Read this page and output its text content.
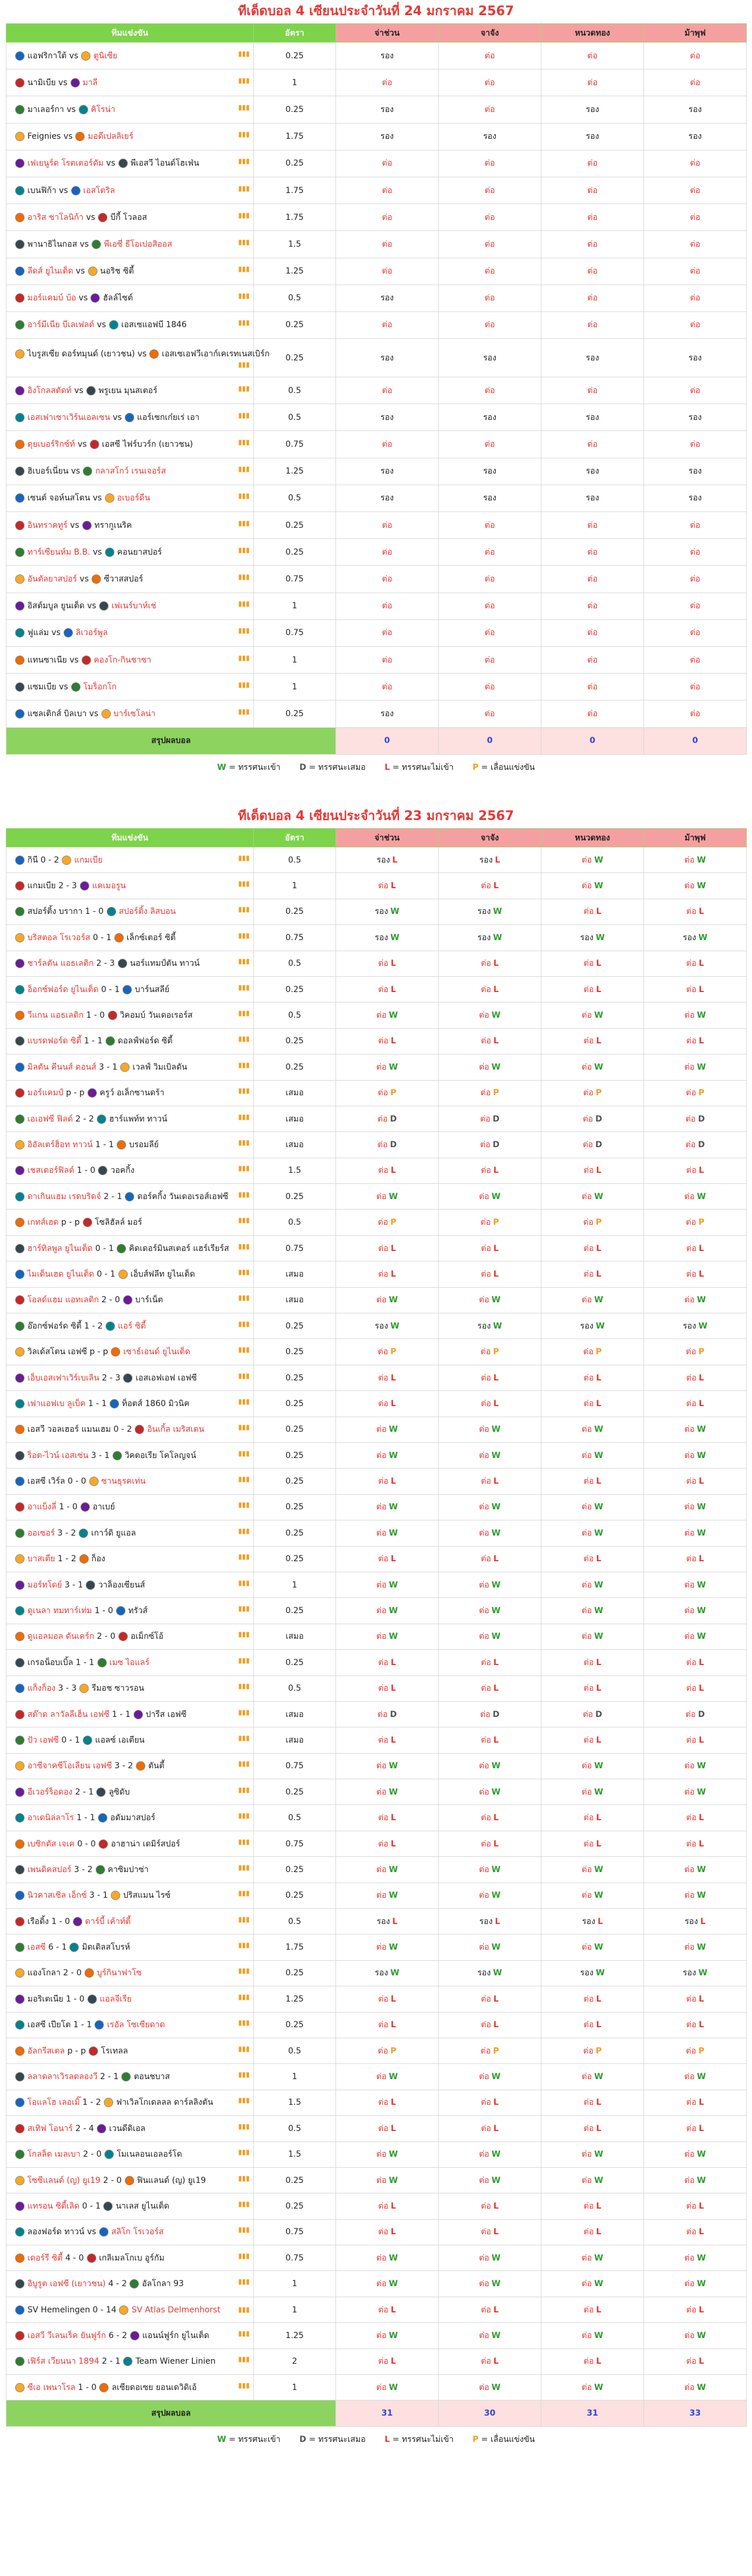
ทีเด็ดบอล 4 เซียนประจำวันที่ 24 มกราคม 2567
ทีมแข่งขัน	อัตรา	จ่าช่วน	จาจัง	หนวดทอง	ม้าพุฟ
แอฟริกาใต้ vs ตูนิเซีย ▮▮▮	0.25	รอง	ต่อ	ต่อ	ต่อ
นามิเบีย vs มาลี ▮▮▮	1	ต่อ	ต่อ	ต่อ	ต่อ
มาเลอร์กา vs คิโรน่า ▮▮▮	0.25	รอง	ต่อ	รอง	รอง
Feignies vs มอดีเปลลิเยร์ ▮▮▮	1.75	รอง	รอง	รอง	รอง
เฟเยนูร์ด โรตเตอร์ดัม vs พีเอสวี ไอนด์โฮเฟ่น ▮▮▮	0.25	ต่อ	ต่อ	ต่อ	ต่อ
เบนฟิก้า vs เอสโตริล ▮▮▮	1.75	ต่อ	ต่อ	ต่อ	ต่อ
อาริส ซาโลนิก้า vs บีกี้ โวลอส ▮▮▮	1.75	ต่อ	ต่อ	ต่อ	ต่อ
พานาธิไนกอส vs พีเอซี่ ธีโอเปอสิออส ▮▮▮	1.5	ต่อ	ต่อ	ต่อ	ต่อ
ลีดส์ ยูไนเต็ด vs นอริช ซิตี้ ▮▮▮	1.25	ต่อ	ต่อ	ต่อ	ต่อ
มอร์แคมบ์ บ้อ vs ฮัลล์ไซต์ ▮▮▮	0.5	รอง	ต่อ	ต่อ	ต่อ
อาร์มีเนีย บีเลเฟลด์ vs เอสเซแอฟบี 1846 ▮▮▮	0.25	ต่อ	ต่อ	ต่อ	ต่อ
ไบรูสเซีย ดอร์ทมุนด์ (เยาวชน) vs เอสเซเอฟวีเอาก์เคเรทเนสเบิร์ก
▮▮▮	0.25	รอง	รอง	รอง	รอง
อิงโกลสตัดท์ vs พรูเยน มุนสเตอร์ ▮▮▮	0.5	ต่อ	ต่อ	ต่อ	ต่อ
เอสเฟาเซาเวิร์นเอลเซน vs แอร์เซกเก๋ยเร่ เอา ▮▮▮	0.5	รอง	รอง	รอง	รอง
ดุยเบอร์ริกซ์ท์ vs เอสซี ไฟร์บวร์ก (เยาวชน) ▮▮▮	0.75	ต่อ	ต่อ	ต่อ	ต่อ
ฮิเบอร์เนี่ยน vs กลาสโกว์ เรนเจอร์ส ▮▮▮	1.25	รอง	รอง	รอง	รอง
เซนต์ จอห์นสโตน vs อเบอร์ดีน ▮▮▮	0.5	รอง	รอง	รอง	รอง
อินทราคทูร์ vs ทรากูเนริค ▮▮▮	0.25	ต่อ	ต่อ	ต่อ	ต่อ
ทาร์เซียนห์ม B.B. vs คอนยาสปอร์ ▮▮▮	0.25	ต่อ	ต่อ	ต่อ	ต่อ
อันตัลยาสปอร์ vs ซีวาสสปอร์ ▮▮▮	0.75	ต่อ	ต่อ	ต่อ	ต่อ
อิสต์มบูล ยูนเต็ด vs เฟเนร์บาห์เช่ ▮▮▮	1	ต่อ	ต่อ	ต่อ	ต่อ
ฟูแล่ม vs ลิเวอร์พูล ▮▮▮	0.75	ต่อ	ต่อ	ต่อ	ต่อ
แทนซาเนีย vs คองโก-กินชาซา ▮▮▮	1	ต่อ	ต่อ	ต่อ	ต่อ
แซมเบีย vs โมร็อกโก ▮▮▮	1	ต่อ	ต่อ	ต่อ	ต่อ
แซลเติกส์ บิลเบา vs บาร์เซโลน่า ▮▮▮	0.25	รอง	ต่อ	ต่อ	ต่อ
สรุปผลบอล		0	0	0	0
W = ทรรศนะเข้า D = ทรรศนะเสมอ L = ทรรศนะไม่เข้า P = เลื่อนแข่งขัน
ทีเด็ดบอล 4 เซียนประจำวันที่ 23 มกราคม 2567
ทีมแข่งขัน	อัตรา	จ่าช่วน	จาจัง	หนวดทอง	ม้าพุฟ
กินี 0 - 2 แกมเบีย ▮▮▮	0.5	รอง L	รอง L	ต่อ W	ต่อ W
แกมเบีย 2 - 3 แคเมอรูน ▮▮▮	1	ต่อ L	ต่อ L	ต่อ W	ต่อ W
สปอร์ติ้ง บรากา 1 - 0 สปอร์ติ้ง ลิสบอน ▮▮▮	0.25	รอง W	รอง W	ต่อ L	ต่อ L
บริสตอล โรเวอร์ส 0 - 1 เล็กซ์เตอร์ ซิตี้ ▮▮▮	0.75	รอง W	รอง W	รอง W	รอง W
ชาร์ลตัน แอธเลติก 2 - 3 นอร์แทมป์ตัน ทาวน์ ▮▮▮	0.5	ต่อ L	ต่อ L	ต่อ L	ต่อ L
อ็อกซ์ฟอร์ด ยูไนเต็ด 0 - 1 บาร์นสลีย์ ▮▮▮	0.25	ต่อ L	ต่อ L	ต่อ L	ต่อ L
วีแกน แอธเลติก 1 - 0 วิคอมบ์ วันเดอเรอร์ส ▮▮▮	0.5	ต่อ W	ต่อ W	ต่อ W	ต่อ W
แบรดฟอร์ด ซิตี้ 1 - 1 ดอลฟ์ฟอร์ด ซิตี้ ▮▮▮	0.25	ต่อ L	ต่อ L	ต่อ L	ต่อ L
มิลตัน คีนนส์ ดอนส์ 3 - 1 เวลฟ์ วิมเบิลดัน ▮▮▮	0.25	ต่อ W	ต่อ W	ต่อ W	ต่อ W
มอร์แคมป์ p - p ครูว์ อเล็กซานดร้า ▮▮▮	เสมอ	ต่อ P	ต่อ P	ต่อ P	ต่อ P
เอเอฟซี ฟิลด์ 2 - 2 ฮาร์แพท์ท ทาวน์ ▮▮▮	เสมอ	ต่อ D	ต่อ D	ต่อ D	ต่อ D
อิอัลเตร์ฮ็อท ทาวน์ 1 - 1 บรอมลีย์ ▮▮▮	เสมอ	ต่อ D	ต่อ D	ต่อ D	ต่อ D
เชสเตอร์ฟิลด์ 1 - 0 วอคกิ้ง ▮▮▮	1.5	ต่อ L	ต่อ L	ต่อ L	ต่อ L
ดาเกินแฮม เรดบริดจ์ 2 - 1 ดอร์คกิ้ง วันเดอเรอส์เอฟซี ▮▮▮	0.25	ต่อ W	ต่อ W	ต่อ W	ต่อ W
เกทส์เฮด p - p โซลิฮัลล์ มอร์ ▮▮▮	0.5	ต่อ P	ต่อ P	ต่อ P	ต่อ P
ฮาร์ทิลพูล ยูไนเต็ด 0 - 1 คิดเดอร์มินสเตอร์ แฮร์เรียร์ส ▮▮▮	0.75	ต่อ L	ต่อ L	ต่อ L	ต่อ L
ไมเด็นเฮด ยูไนเต็ด 0 - 1 เอ็บส์ฟลีท ยูไนเต็ด ▮▮▮	เสมอ	ต่อ L	ต่อ L	ต่อ L	ต่อ L
โอลด์แฮม แอทเลติก 2 - 0 บาร์เน็ต ▮▮▮	เสมอ	ต่อ W	ต่อ W	ต่อ W	ต่อ W
อ๊อกซ์ฟอร์ด ซิตี้ 1 - 2 แอร์ ซิตี้ ▮▮▮	0.25	รอง W	รอง W	รอง W	รอง W
วิลเด้สโตน เอฟซี p - p เซาธ์เอนด์ ยูไนเต็ด ▮▮▮	0.25	ต่อ P	ต่อ P	ต่อ P	ต่อ P
เอ็บเอสเฟาเวิร์เบเลิน 2 - 3 เอสเอฟเอฟ เอฟซี ▮▮▮	0.25	ต่อ L	ต่อ L	ต่อ L	ต่อ L
เฟาแอฟเบ ลูเบ็ค 1 - 1 ท็อตส์ 1860 มิวนิค ▮▮▮	0.25	ต่อ L	ต่อ L	ต่อ L	ต่อ L
เอสวี วอลเฮอร์ แมนเฮม 0 - 2 อินเกิ้ล เมริสเตน ▮▮▮	0.25	ต่อ W	ต่อ W	ต่อ W	ต่อ W
ร็อต-ไวน์ เอสเซ่น 3 - 1 วิคตอเรีย โคโลญจน์ ▮▮▮	0.25	ต่อ W	ต่อ W	ต่อ W	ต่อ W
เอสซี เวิร์ล 0 - 0 ซานธุรคเท่น ▮▮▮	0.25	ต่อ L	ต่อ L	ต่อ L	ต่อ L
อาแบ็งลี่ 1 - 0 อาเบย์ ▮▮▮	0.25	ต่อ W	ต่อ W	ต่อ W	ต่อ W
ออเซอร์ 3 - 2 เกาว์ดิ ยูแอล ▮▮▮	0.25	ต่อ W	ต่อ W	ต่อ W	ต่อ W
บาสเตีย 1 - 2 ก็อง ▮▮▮	0.25	ต่อ L	ต่อ L	ต่อ L	ต่อ L
มอร์ทโดย์ 3 - 1 วาล็องเซียนส์ ▮▮▮	1	ต่อ W	ต่อ W	ต่อ W	ต่อ W
ดูเนลา ทมทาร์เท่ม 1 - 0 ทรัวส์ ▮▮▮	0.25	ต่อ W	ต่อ W	ต่อ W	ต่อ W
ดูแอลมอล ดันเคร์ก 2 - 0 อเม็กซ์โอ้ ▮▮▮	เสมอ	ต่อ W	ต่อ W	ต่อ W	ต่อ W
เกรอน็อบเบิ้ล 1 - 1 เมซ ไอแลร์ ▮▮▮	0.25	ต่อ L	ต่อ L	ต่อ L	ต่อ L
แก็งก็อง 3 - 3 รีมอช ซาวรอน ▮▮▮	0.5	ต่อ L	ต่อ L	ต่อ L	ต่อ L
สต๊าด ลาวัลลีเฮ็น เอฟซี 1 - 1 ปารีส เอฟซี ▮▮▮	เสมอ	ต่อ D	ต่อ D	ต่อ D	ต่อ D
ปัว เอฟซี 0 - 1 แอลซ์ เอเตียน ▮▮▮	เสมอ	ต่อ L	ต่อ L	ต่อ L	ต่อ L
อาซีจาคซีโอเลียน เอฟซี 3 - 2 ตันตี้ ▮▮▮	0.75	ต่อ W	ต่อ W	ต่อ W	ต่อ W
อีเวอร์ร็อดอง 2 - 1 ลูซิดับ ▮▮▮	0.25	ต่อ W	ต่อ W	ต่อ W	ต่อ W
อาเดนิล่ลาโร 1 - 1 อดัมมาสปอร์ ▮▮▮	0.5	ต่อ L	ต่อ L	ต่อ L	ต่อ L
เบซิกตัส เจเค 0 - 0 อาฮาน่า เดมิร์สปอร์ ▮▮▮	0.75	ต่อ L	ต่อ L	ต่อ L	ต่อ L
เพนดิคสปอร์ 3 - 2 คาซิมปาซ่า ▮▮▮	0.25	ต่อ W	ต่อ W	ต่อ W	ต่อ W
นิวคาสเซิล เอ็กซ์ 3 - 1 ปริสแมน ไรซ์ ▮▮▮	0.25	ต่อ W	ต่อ W	ต่อ W	ต่อ W
เรือดิ้ง 1 - 0 ดาร์บี้ เค้าท์ตี้ ▮▮▮	0.5	รอง L	รอง L	รอง L	รอง L
เอสซี 6 - 1 มิดเดิลสโบรห์ ▮▮▮	1.75	ต่อ W	ต่อ W	ต่อ W	ต่อ W
แองโกลา 2 - 0 บูร์กินาฟาโซ ▮▮▮	0.25	รอง W	รอง W	รอง W	รอง W
มอริเตเนีย 1 - 0 แอลจีเรีย ▮▮▮	1.25	ต่อ L	ต่อ L	ต่อ L	ต่อ L
เอสซี เปียโต 1 - 1 เรอัล โซเซียดาด ▮▮▮	0.25	ต่อ L	ต่อ L	ต่อ L	ต่อ L
อัลกรีสเตล p - p โรเทลล ▮▮▮	0.5	ต่อ P	ต่อ P	ต่อ P	ต่อ P
ลลาดลาเวิรลตลองวี 2 - 1 ตอนชบาส ▮▮▮	1	ต่อ W	ต่อ W	ต่อ W	ต่อ W
โอแลโฮ เลอเมิ๊ 1 - 2 ฟาเวิลโกเดลลล ดาร์ลลิงตัน ▮▮▮	1.5	ต่อ L	ต่อ L	ต่อ L	ต่อ L
สเทิฟ โอนาร์ 2 - 4 เวนดีดิเอล ▮▮▮	0.5	ต่อ L	ต่อ L	ต่อ L	ต่อ L
โกลล็ด เมลเบา 2 - 0 โมเนลอนเอลอร์โด ▮▮▮	1.5	ต่อ W	ต่อ W	ต่อ W	ต่อ W
โซซีแลนด์ (ญ) ยูเ19 2 - 0 ฟินแลนด์ (ญ) ยูเ19 ▮▮▮	0.25	ต่อ W	ต่อ W	ต่อ W	ต่อ W
แทรอน ซิตี้เลิด 0 - 1 นาเลส ยูไนเต็ด ▮▮▮	0.25	ต่อ L	ต่อ L	ต่อ L	ต่อ L
ลองฟอร์ด ทาวน์ vs สลิโก โรเวอร์ส ▮▮▮	0.75	ต่อ L	ต่อ L	ต่อ L	ต่อ L
เดอร์รี ซิตี้ 4 - 0 เกลิเมลโกเบ อูร์กัม ▮▮▮	0.75	ต่อ W	ต่อ W	ต่อ W	ต่อ W
อิบูรูต เอฟซี (เยาวชน) 4 - 2 อัลโกลา 93 ▮▮▮	1	ต่อ W	ต่อ W	ต่อ W	ต่อ W
SV Hemelingen 0 - 14 SV Atlas Delmenhorst ▮▮▮	1	ต่อ L	ต่อ L	ต่อ L	ต่อ L
เอสวี วีเลนเร็ค ยันฟูร์ก 6 - 2 แอนน์ฟูร์ก ยูไนเต็ด ▮▮▮	1.25	ต่อ W	ต่อ W	ต่อ W	ต่อ W
เฟิร์ส เวียนนา 1894 2 - 1 Team Wiener Linien ▮▮▮	2	ต่อ L	ต่อ L	ต่อ L	ต่อ L
ซีเอ เพนาโรล 1 - 0 ลเซียดอเซย ยอนเดวิดิเอ้ ▮▮▮	1	ต่อ W	ต่อ W	ต่อ W	ต่อ W
สรุปผลบอล		31	30	31	33
W = ทรรศนะเข้า D = ทรรศนะเสมอ L = ทรรศนะไม่เข้า P = เลื่อนแข่งขัน
